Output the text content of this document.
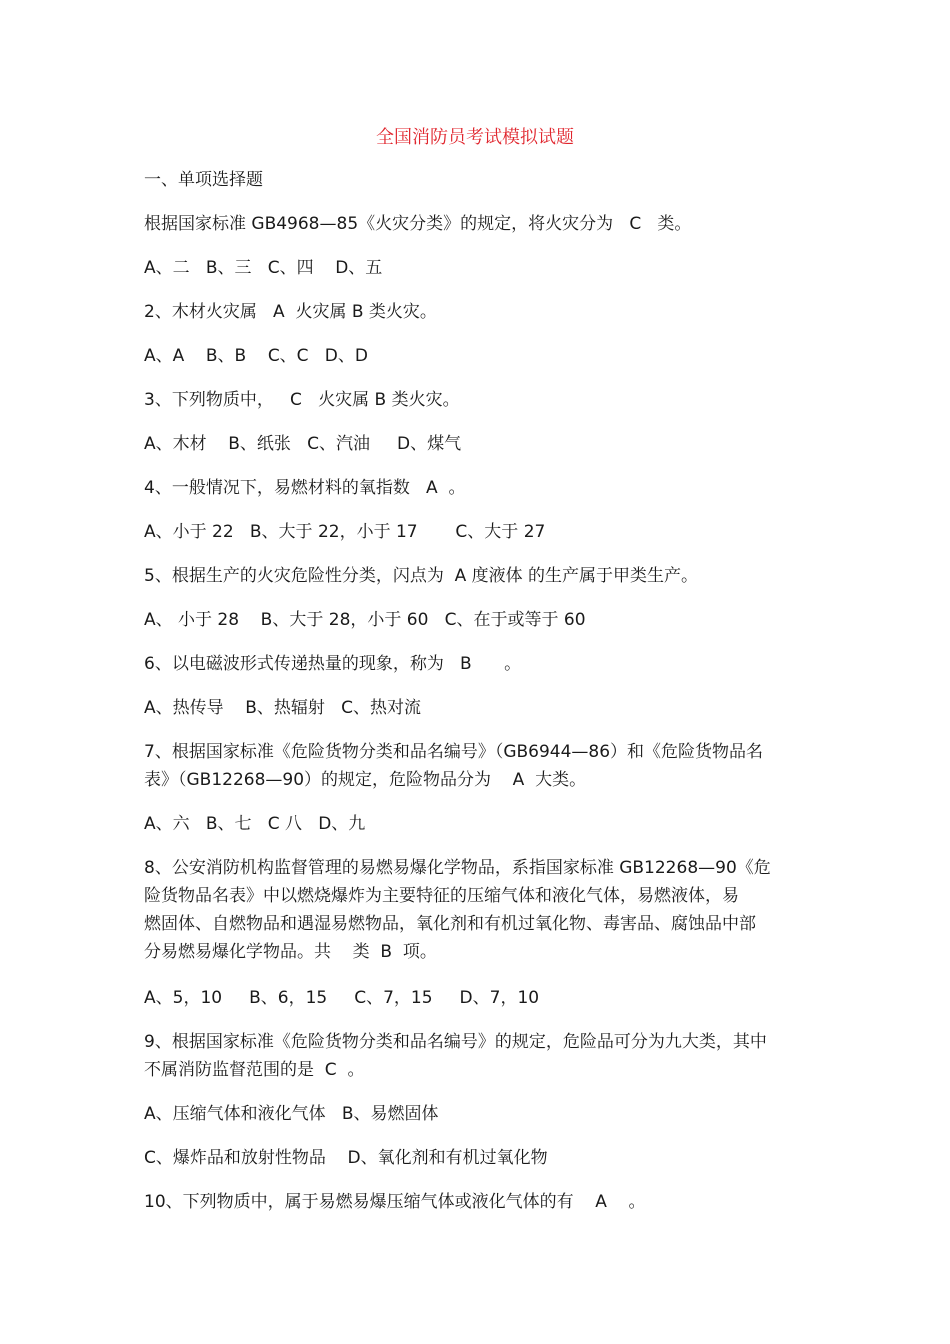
全国消防员考试模拟试题
一、单项选择题
根据国家标准 GB4968—85《火灾分类》的规定，将火灾分为   C   类。
A、二   B、三   C、四    D、五
2、木材火灾属   A  火灾属 B 类火灾。
A、A    B、B    C、C   D、D
3、下列物质中，   C   火灾属 B 类火灾。
A、木材    B、纸张   C、汽油     D、煤气
4、一般情况下，易燃材料的氧指数   A  。
A、小于 22   B、大于 22，小于 17       C、大于 27
5、根据生产的火灾危险性分类，闪点为  A 度液体 的生产属于甲类生产。
A、 小于 28    B、大于 28，小于 60   C、在于或等于 60
6、以电磁波形式传递热量的现象，称为   B      。
A、热传导    B、热辐射   C、热对流
7、根据国家标准《危险货物分类和品名编号》（GB6944—86）和《危险货物品名
表》（GB12268—90）的规定，危险物品分为    A  大类。
A、六   B、七   C 八   D、九
8、公安消防机构监督管理的易燃易爆化学物品，系指国家标准 GB12268—90《危
险货物品名表》中以燃烧爆炸为主要特征的压缩气体和液化气体，易燃液体，易
燃固体、自燃物品和遇湿易燃物品，氧化剂和有机过氧化物、毒害品、腐蚀品中部
分易燃易爆化学物品。共    类  B  项。
A、5，10     B、6，15     C、7，15     D、7，10
9、根据国家标准《危险货物分类和品名编号》的规定，危险品可分为九大类，其中
不属消防监督范围的是  C  。
A、压缩气体和液化气体   B、易燃固体
C、爆炸品和放射性物品    D、氧化剂和有机过氧化物
10、下列物质中，属于易燃易爆压缩气体或液化气体的有    A    。
